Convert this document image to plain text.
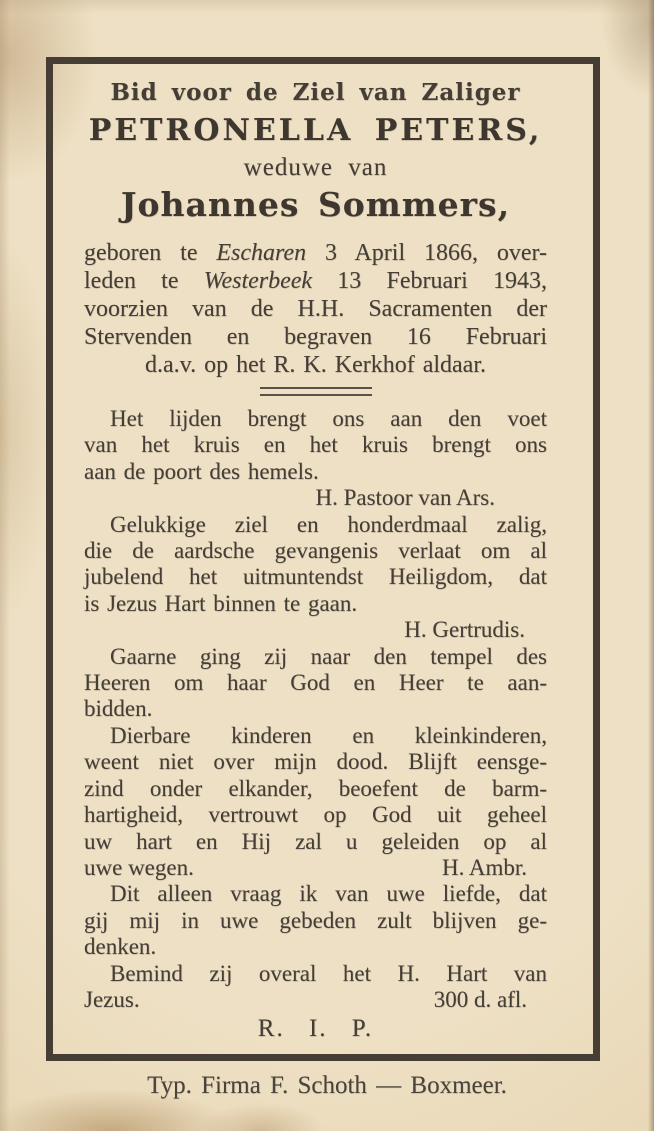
Bid voor de Ziel van Zaliger
PETRONELLA PETERS,
weduwe van
Johannes Sommers,
geboren te Escharen 3 April 1866, over-
leden te Westerbeek 13 Februari 1943,
voorzien van de H.H. Sacramenten der
Stervenden en begraven 16 Februari
d.a.v. op het R. K. Kerkhof aldaar.
Het lijden brengt ons aan den voet
van het kruis en het kruis brengt ons
aan de poort des hemels.
H. Pastoor van Ars.
Gelukkige ziel en honderdmaal zalig,
die de aardsche gevangenis verlaat om al
jubelend het uitmuntendst Heiligdom, dat
is Jezus Hart binnen te gaan.
H. Gertrudis.
Gaarne ging zij naar den tempel des
Heeren om haar God en Heer te aan-
bidden.
Dierbare kinderen en kleinkinderen,
weent niet over mijn dood. Blijft eensge-
zind onder elkander, beoefent de barm-
hartigheid, vertrouwt op God uit geheel
uw hart en Hij zal u geleiden op al
uwe wegen.	H. Ambr.
Dit alleen vraag ik van uwe liefde, dat
gij mij in uwe gebeden zult blijven ge-
denken.
Bemind zij overal het H. Hart van
Jezus.	300 d. afl.
R. I. P.
Typ. Firma F. Schoth — Boxmeer.
